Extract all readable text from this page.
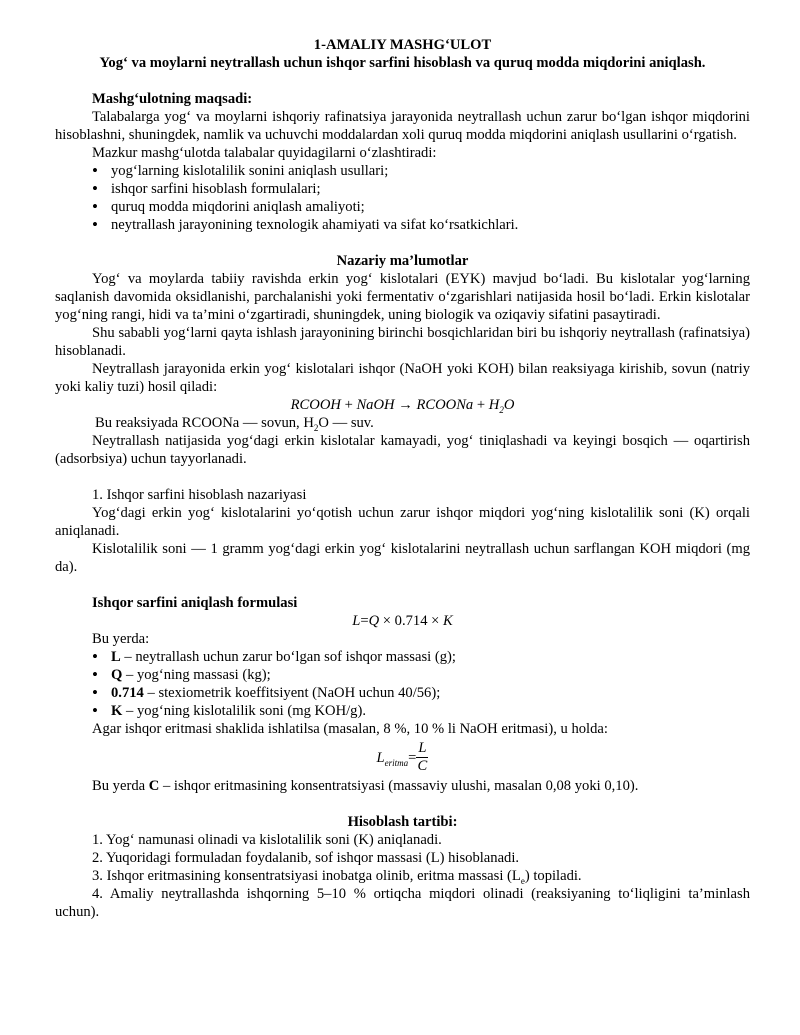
1-AMALIY MASHG‘ULOT
Yog‘ va moylarni neytrallash uchun ishqor sarfini hisoblash va quruq modda miqdorini aniqlash.

Mashg‘ulotning maqsadi:

Talabalarga yog‘ va moylarni ishqoriy rafinatsiya jarayonida neytrallash uchun zarur bo‘lgan ishqor miqdorini hisoblashni, shuningdek, namlik va uchuvchi moddalardan xoli quruq modda miqdorini aniqlash usullarini o‘rgatish.

Mazkur mashg‘ulotda talabalar quyidagilarni o‘zlashtiradi:

• yog‘larning kislotalilik sonini aniqlash usullari;
• ishqor sarfini hisoblash formulalari;
• quruq modda miqdorini aniqlash amaliyoti;
• neytrallash jarayonining texnologik ahamiyati va sifat ko‘rsatkichlari.
Nazariy ma’lumotlar

Yog‘ va moylarda tabiiy ravishda erkin yog‘ kislotalari (EYK) mavjud bo‘ladi. Bu kislotalar yog‘larning saqlanish davomida oksidlanishi, parchalanishi yoki fermentativ o‘zgarishlari natijasida hosil bo‘ladi. Erkin kislotalar yog‘ning rangi, hidi va ta’mini o‘zgartiradi, shuningdek, uning biologik va oziqaviy sifatini pasaytiradi.

Shu sababli yog‘larni qayta ishlash jarayonining birinchi bosqichlaridan biri bu ishqoriy neytrallash (rafinatsiya) hisoblanadi.

Neytrallash jarayonida erkin yog‘ kislotalari ishqor (NaOH yoki KOH) bilan reaksiyaga kirishib, sovun (natriy yoki kaliy tuzi) hosil qiladi:

RCOOH + NaOH → RCOONa + $H_2O$

Bu reaksiyada RCOONa — sovun, $H_2O$ — suv.

Neytrallash natijasida yog‘dagi erkin kislotalar kamayadi, yog‘ tiniqlashadi va keyingi bosqich — oqartirish (adsorbsiya) uchun tayyorlanadi.

1. Ishqor sarfini hisoblash nazariyasi

Yog‘dagi erkin yog‘ kislotalarini yo‘qotish uchun zarur ishqor miqdori yog‘ning kislotalilik soni (K) orqali aniqlanadi.

Kislotalilik soni — 1 gramm yog‘dagi erkin yog‘ kislotalarini neytrallash uchun sarflangan KOH miqdori (mg da).

Ishqor sarfini aniqlash formulasi

L=Q × 0.714 × K

Bu yerda:

• L – neytrallash uchun zarur bo‘lgan sof ishqor massasi (g);
• Q – yog‘ning massasi (kg);
• 0.714 – stexiometrik koeffitsiyent (NaOH uchun 40/56);
• K – yog‘ning kislotalilik soni (mg KOH/g).

Agar ishqor eritmasi shaklida ishlatilsa (masalan, 8 %, 10 % li NaOH eritmasi), u holda:

$L_{eritma}= \frac{L}{C}$

Bu yerda C – ishqor eritmasining konsentratsiyasi (massaviy ulushi, masalan 0,08 yoki 0,10).

Hisoblash tartibi:
1. Yog‘ namunasi olinadi va kislotalilik soni (K) aniqlanadi.
2. Yuqoridagi formuladan foydalanib, sof ishqor massasi (L) hisoblanadi.
3. Ishqor eritmasining konsentratsiyasi inobatga olinib, eritma massasi $(L_e)$ topiladi.
4. Amaliy neytrallashda ishqorning 5–10 % ortiqcha miqdori olinadi (reaksiyaning to‘liqligini ta’minlash uchun).
